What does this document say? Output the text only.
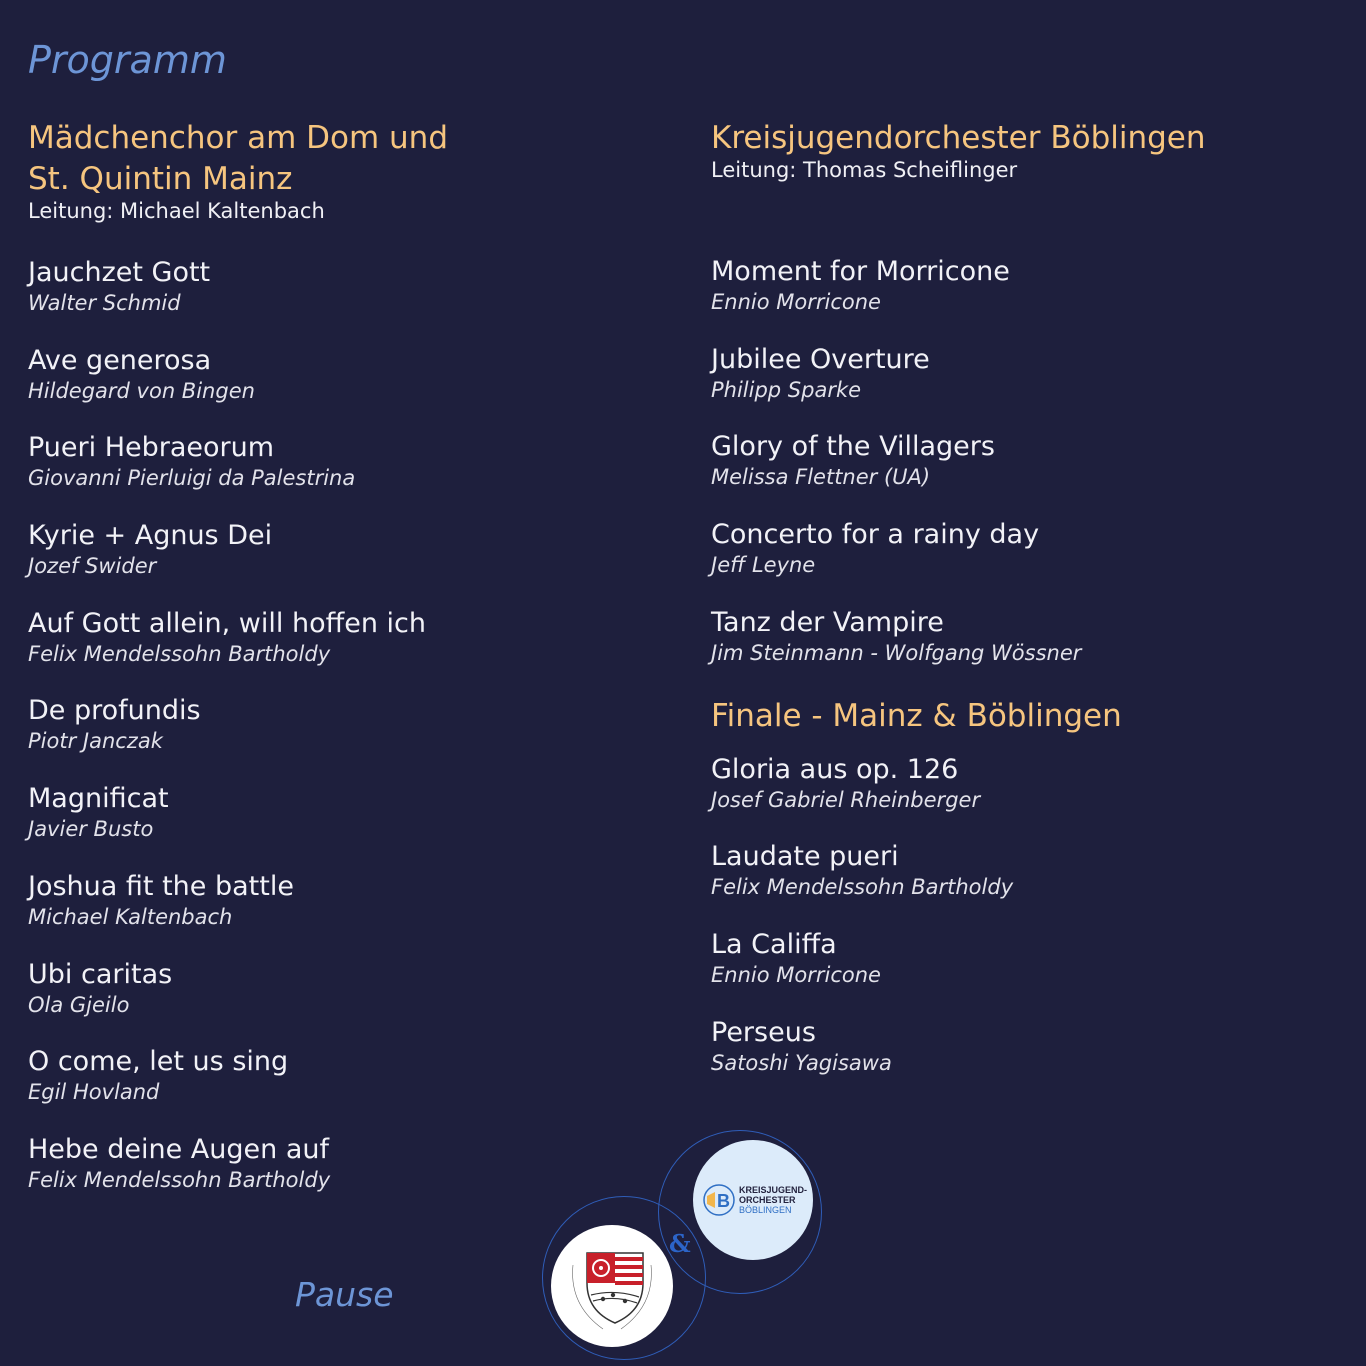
Programm
Mädchenchor am Dom und
St. Quintin Mainz
Leitung: Michael Kaltenbach
Jauchzet Gott
Walter Schmid
Ave generosa
Hildegard von Bingen
Pueri Hebraeorum
Giovanni Pierluigi da Palestrina
Kyrie + Agnus Dei
Jozef Swider
Auf Gott allein, will hoffen ich
Felix Mendelssohn Bartholdy
De profundis
Piotr Janczak
Magnificat
Javier Busto
Joshua fit the battle
Michael Kaltenbach
Ubi caritas
Ola Gjeilo
O come, let us sing
Egil Hovland
Hebe deine Augen auf
Felix Mendelssohn Bartholdy
Kreisjugendorchester Böblingen
Leitung: Thomas Scheiflinger
Moment for Morricone
Ennio Morricone
Jubilee Overture
Philipp Sparke
Glory of the Villagers
Melissa Flettner (UA)
Concerto for a rainy day
Jeff Leyne
Tanz der Vampire
Jim Steinmann - Wolfgang Wössner
Finale - Mainz & Böblingen
Gloria aus op. 126
Josef Gabriel Rheinberger
Laudate pueri
Felix Mendelssohn Bartholdy
La Califfa
Ennio Morricone
Perseus
Satoshi Yagisawa
Pause
B
KREISJUGEND-
ORCHESTER
BÖBLINGEN
&
